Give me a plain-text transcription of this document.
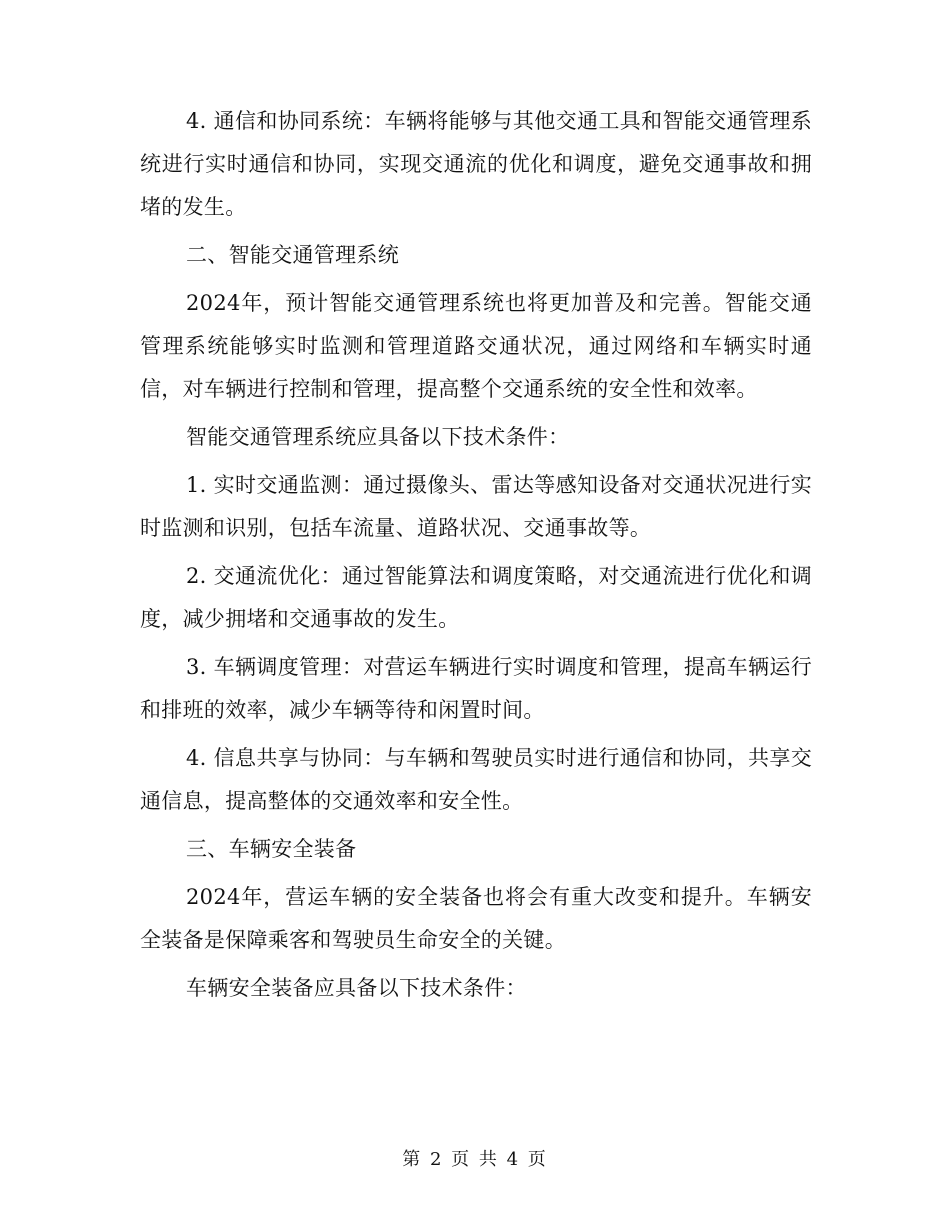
4. 通信和协同系统：车辆将能够与其他交通工具和智能交通管理系统进行实时通信和协同，实现交通流的优化和调度，避免交通事故和拥堵的发生。

二、智能交通管理系统

2024年，预计智能交通管理系统也将更加普及和完善。智能交通管理系统能够实时监测和管理道路交通状况，通过网络和车辆实时通信，对车辆进行控制和管理，提高整个交通系统的安全性和效率。

智能交通管理系统应具备以下技术条件：

1. 实时交通监测：通过摄像头、雷达等感知设备对交通状况进行实时监测和识别，包括车流量、道路状况、交通事故等。

2. 交通流优化：通过智能算法和调度策略，对交通流进行优化和调度，减少拥堵和交通事故的发生。

3. 车辆调度管理：对营运车辆进行实时调度和管理，提高车辆运行和排班的效率，减少车辆等待和闲置时间。

4. 信息共享与协同：与车辆和驾驶员实时进行通信和协同，共享交通信息，提高整体的交通效率和安全性。

三、车辆安全装备

2024年，营运车辆的安全装备也将会有重大改变和提升。车辆安全装备是保障乘客和驾驶员生命安全的关键。

车辆安全装备应具备以下技术条件：

第 2 页 共 4 页
